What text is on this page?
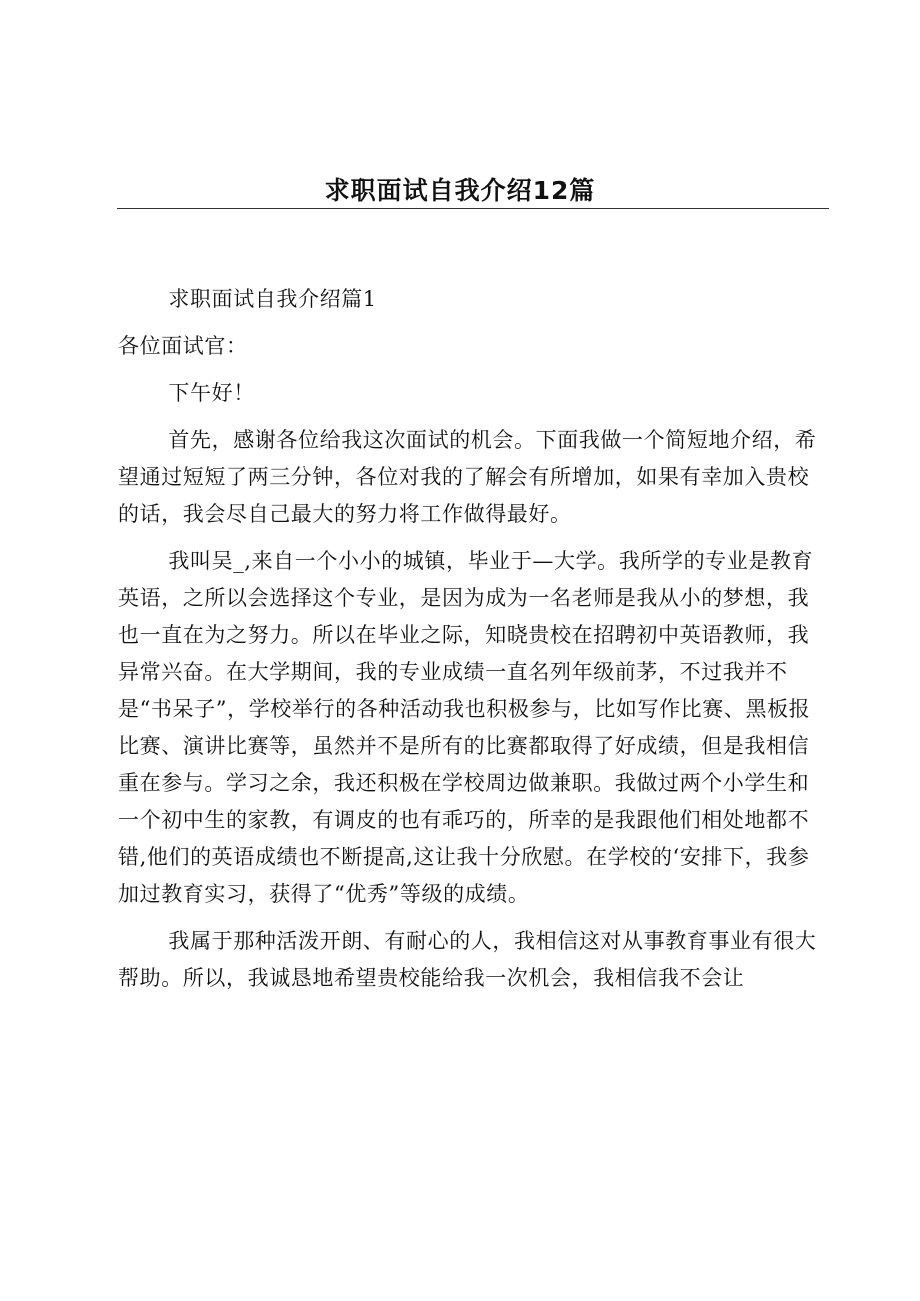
求职面试自我介绍12篇

求职面试自我介绍篇1

各位面试官：

下午好！

首先，感谢各位给我这次面试的机会。下面我做一个简短地介绍，希望通过短短了两三分钟，各位对我的了解会有所增加，如果有幸加入贵校的话，我会尽自己最大的努力将工作做得最好。

我叫吴_,来自一个小小的城镇，毕业于—大学。我所学的专业是教育英语，之所以会选择这个专业，是因为成为一名老师是我从小的梦想，我也一直在为之努力。所以在毕业之际，知晓贵校在招聘初中英语教师，我异常兴奋。在大学期间，我的专业成绩一直名列年级前茅，不过我并不是“书呆子”，学校举行的各种活动我也积极参与，比如写作比赛、黑板报比赛、演讲比赛等，虽然并不是所有的比赛都取得了好成绩，但是我相信重在参与。学习之余，我还积极在学校周边做兼职。我做过两个小学生和一个初中生的家教，有调皮的也有乖巧的，所幸的是我跟他们相处地都不错,他们的英语成绩也不断提高,这让我十分欣慰。在学校的‘安排下，我参加过教育实习，获得了“优秀”等级的成绩。

我属于那种活泼开朗、有耐心的人，我相信这对从事教育事业有很大帮助。所以，我诚恳地希望贵校能给我一次机会，我相信我不会让
